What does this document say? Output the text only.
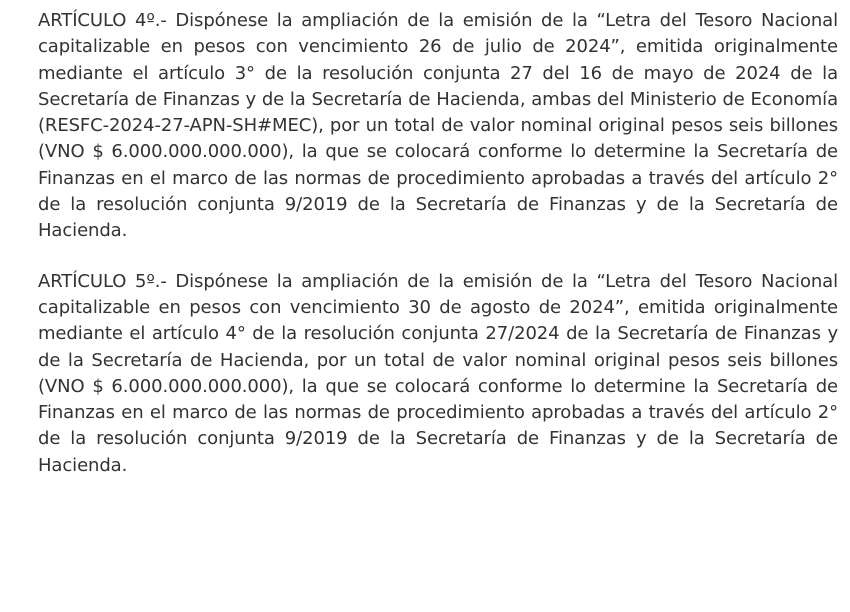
ARTÍCULO 4º.- Dispónese la ampliación de la emisión de la “Letra del Tesoro Nacional
capitalizable en pesos con vencimiento 26 de julio de 2024”, emitida originalmente
mediante el artículo 3° de la resolución conjunta 27 del 16 de mayo de 2024 de la
Secretaría de Finanzas y de la Secretaría de Hacienda, ambas del Ministerio de Economía
(RESFC-2024-27-APN-SH#MEC), por un total de valor nominal original pesos seis billones
(VNO $ 6.000.000.000.000), la que se colocará conforme lo determine la Secretaría de
Finanzas en el marco de las normas de procedimiento aprobadas a través del artículo 2°
de la resolución conjunta 9/2019 de la Secretaría de Finanzas y de la Secretaría de
Hacienda.
ARTÍCULO 5º.- Dispónese la ampliación de la emisión de la “Letra del Tesoro Nacional
capitalizable en pesos con vencimiento 30 de agosto de 2024”, emitida originalmente
mediante el artículo 4° de la resolución conjunta 27/2024 de la Secretaría de Finanzas y
de la Secretaría de Hacienda, por un total de valor nominal original pesos seis billones
(VNO $ 6.000.000.000.000), la que se colocará conforme lo determine la Secretaría de
Finanzas en el marco de las normas de procedimiento aprobadas a través del artículo 2°
de la resolución conjunta 9/2019 de la Secretaría de Finanzas y de la Secretaría de
Hacienda.
